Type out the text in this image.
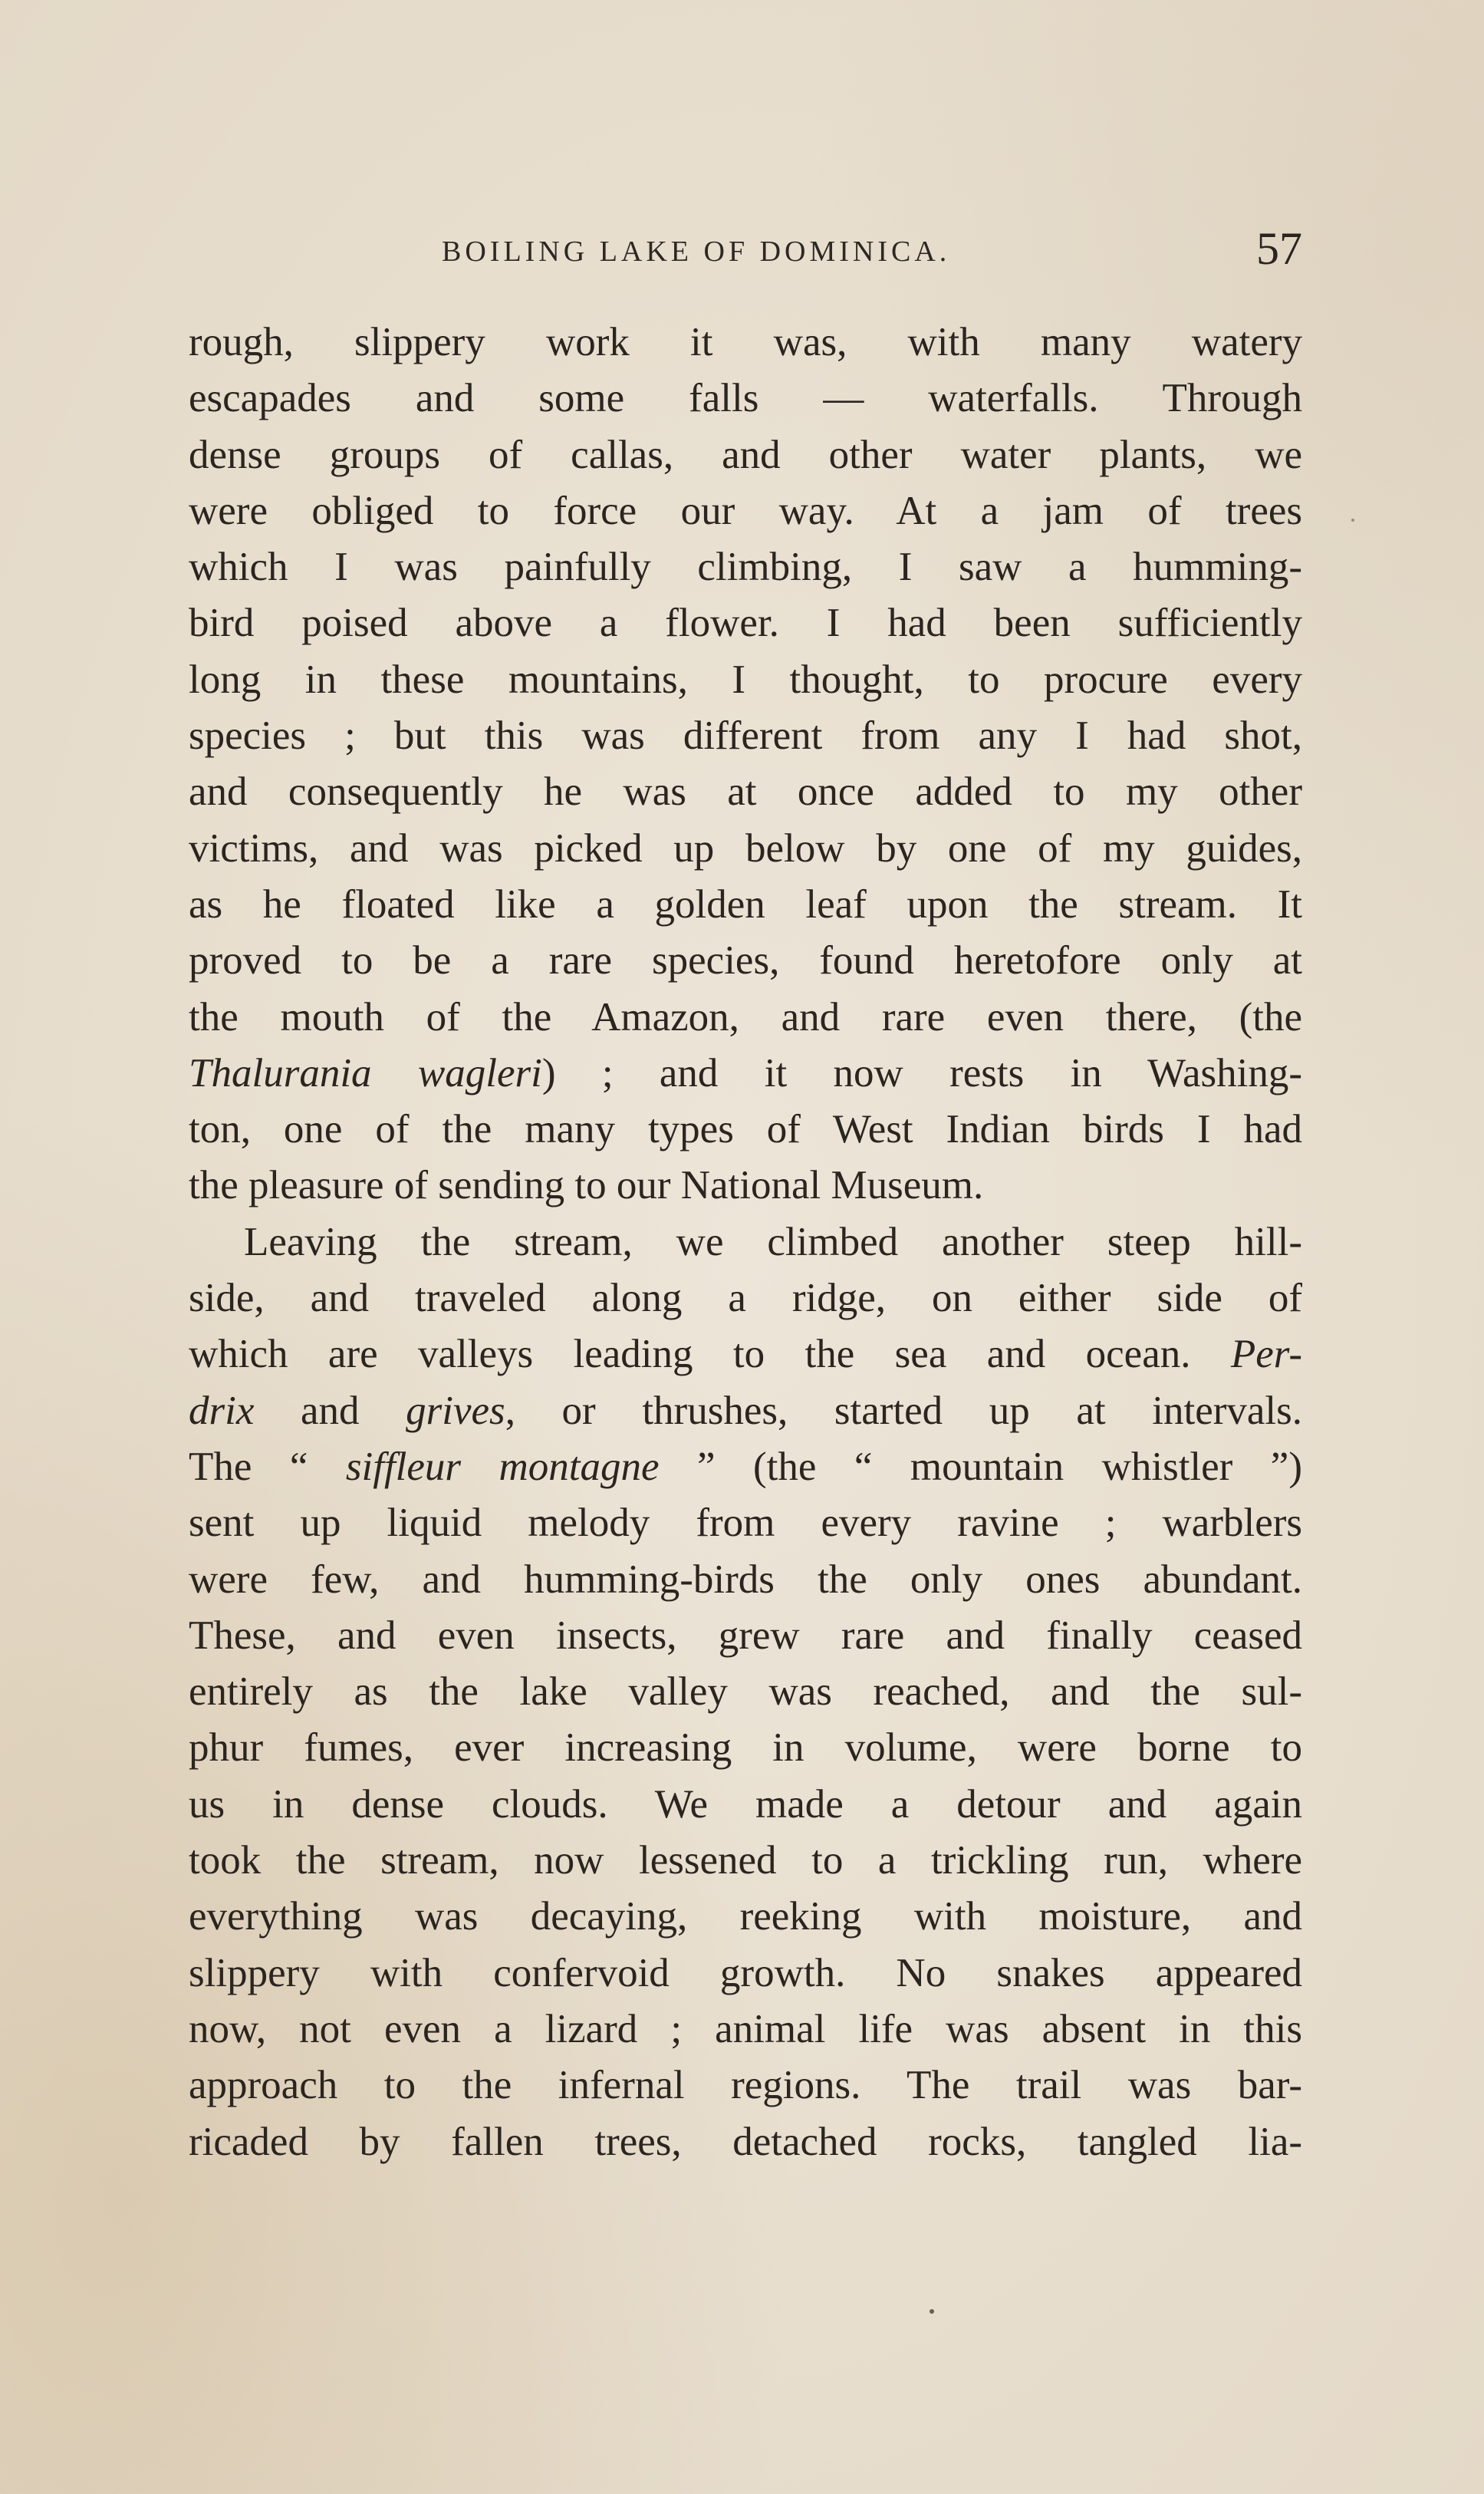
BOILING LAKE OF DOMINICA.	57
rough, slippery work it was, with many watery
escapades and some falls — waterfalls. Through
dense groups of callas, and other water plants, we
were obliged to force our way. At a jam of trees
which I was painfully climbing, I saw a humming-
bird poised above a flower. I had been sufficiently
long in these mountains, I thought, to procure every
species ; but this was different from any I had shot,
and consequently he was at once added to my other
victims, and was picked up below by one of my guides,
as he floated like a golden leaf upon the stream. It
proved to be a rare species, found heretofore only at
the mouth of the Amazon, and rare even there, (the
Thalurania wagleri) ; and it now rests in Washing-
ton, one of the many types of West Indian birds I had
the pleasure of sending to our National Museum.
Leaving the stream, we climbed another steep hill-
side, and traveled along a ridge, on either side of
which are valleys leading to the sea and ocean. Per-
drix and grives, or thrushes, started up at intervals.
The “ siffleur montagne ” (the “ mountain whistler ”)
sent up liquid melody from every ravine ; warblers
were few, and humming-birds the only ones abundant.
These, and even insects, grew rare and finally ceased
entirely as the lake valley was reached, and the sul-
phur fumes, ever increasing in volume, were borne to
us in dense clouds. We made a detour and again
took the stream, now lessened to a trickling run, where
everything was decaying, reeking with moisture, and
slippery with confervoid growth. No snakes appeared
now, not even a lizard ; animal life was absent in this
approach to the infernal regions. The trail was bar-
ricaded by fallen trees, detached rocks, tangled lia-
